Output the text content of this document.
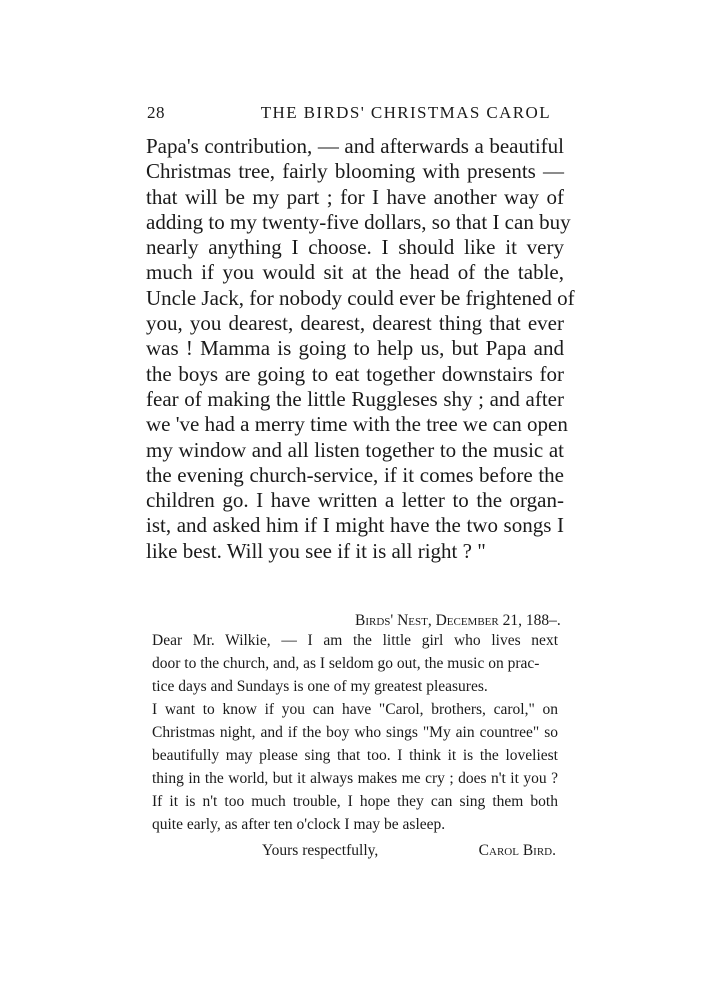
28	THE BIRDS' CHRISTMAS CAROL
Papa's contribution, — and afterwards a beautiful
Christmas tree, fairly blooming with presents —
that will be my part ; for I have another way of
adding to my twenty-five dollars, so that I can buy
nearly anything I choose. I should like it very
much if you would sit at the head of the table,
Uncle Jack, for nobody could ever be frightened of
you, you dearest, dearest, dearest thing that ever
was ! Mamma is going to help us, but Papa and
the boys are going to eat together downstairs for
fear of making the little Ruggleses shy ; and after
we 've had a merry time with the tree we can open
my window and all listen together to the music at
the evening church-service, if it comes before the
children go. I have written a letter to the organ-
ist, and asked him if I might have the two songs I
like best. Will you see if it is all right ? "
Birds' Nest, December 21, 188–.
Dear Mr. Wilkie, — I am the little girl who lives next
door to the church, and, as I seldom go out, the music on prac-
tice days and Sundays is one of my greatest pleasures.
I want to know if you can have "Carol, brothers, carol," on
Christmas night, and if the boy who sings "My ain countree" so
beautifully may please sing that too. I think it is the loveliest
thing in the world, but it always makes me cry ; does n't it you ?
If it is n't too much trouble, I hope they can sing them both
quite early, as after ten o'clock I may be asleep.
Yours respectfully,	Carol Bird.
